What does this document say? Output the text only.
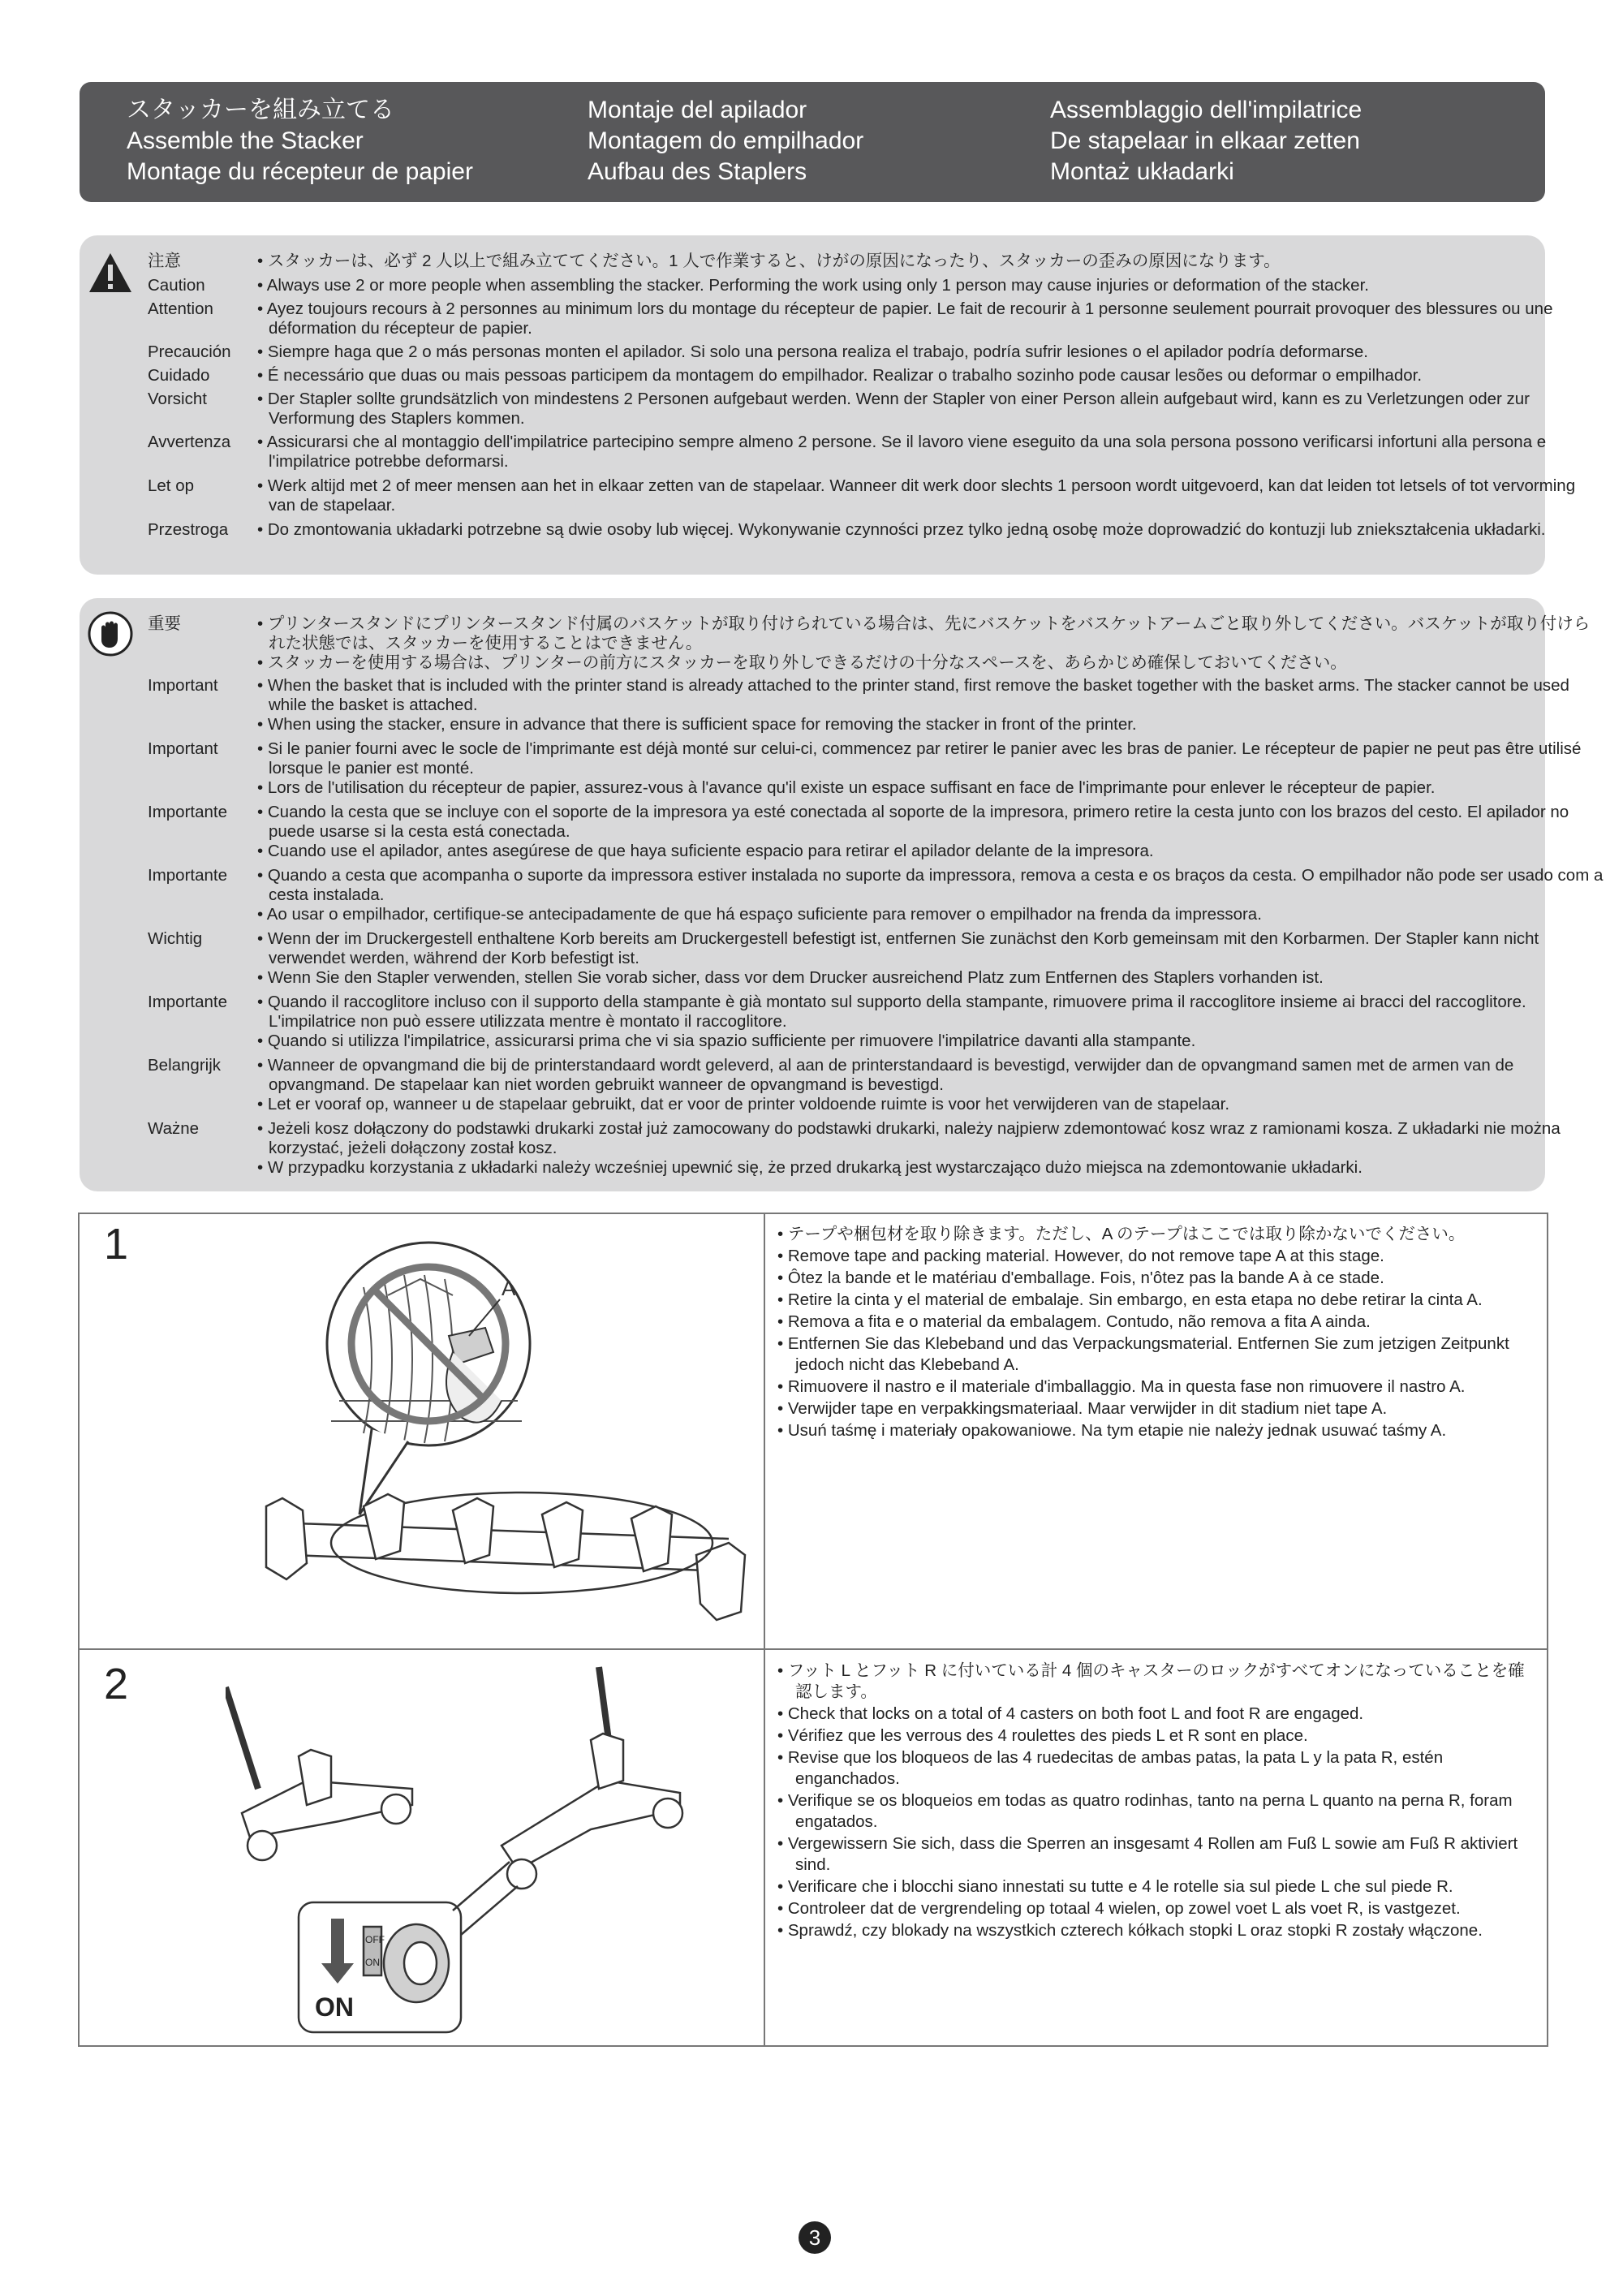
スタッカーを組み立てる
Assemble the Stacker
Montage du récepteur de papier
Montaje del apilador
Montagem do empilhador
Aufbau des Staplers
Assemblaggio dell'impilatrice
De stapelaar in elkaar zetten
Montaż układarki
注意	• スタッカーは、必ず 2 人以上で組み立ててください。1 人で作業すると、けがの原因になったり、スタッカーの歪みの原因になります。

Caution	• Always use 2 or more people when assembling the stacker. Performing the work using only 1 person may cause injuries or deformation of the stacker.

Attention	• Ayez toujours recours à 2 personnes au minimum lors du montage du récepteur de papier. Le fait de recourir à 1 personne seulement pourrait provoquer des blessures ou une déformation du récepteur de papier.

Precaución	• Siempre haga que 2 o más personas monten el apilador. Si solo una persona realiza el trabajo, podría sufrir lesiones o el apilador podría deformarse.

Cuidado	• É necessário que duas ou mais pessoas participem da montagem do empilhador. Realizar o trabalho sozinho pode causar lesões ou deformar o empilhador.

Vorsicht	• Der Stapler sollte grundsätzlich von mindestens 2 Personen aufgebaut werden. Wenn der Stapler von einer Person allein aufgebaut wird, kann es zu Verletzungen oder zur Verformung des Staplers kommen.

Avvertenza	• Assicurarsi che al montaggio dell'impilatrice partecipino sempre almeno 2 persone. Se il lavoro viene eseguito da una sola persona possono verificarsi infortuni alla persona e l'impilatrice potrebbe deformarsi.

Let op	• Werk altijd met 2 of meer mensen aan het in elkaar zetten van de stapelaar. Wanneer dit werk door slechts 1 persoon wordt uitgevoerd, kan dat leiden tot letsels of tot vervorming van de stapelaar.

Przestroga	• Do zmontowania układarki potrzebne są dwie osoby lub więcej. Wykonywanie czynności przez tylko jedną osobę może doprowadzić do kontuzji lub zniekształcenia układarki.

重要	• プリンタースタンドにプリンタースタンド付属のバスケットが取り付けられている場合は、先にバスケットをバスケットアームごと取り外してください。バスケットが取り付けられた状態では、スタッカーを使用することはできません。

• スタッカーを使用する場合は、プリンターの前方にスタッカーを取り外しできるだけの十分なスペースを、あらかじめ確保しておいてください。

Important	• When the basket that is included with the printer stand is already attached to the printer stand, first remove the basket together with the basket arms. The stacker cannot be used while the basket is attached.

• When using the stacker, ensure in advance that there is sufficient space for removing the stacker in front of the printer.

Important	• Si le panier fourni avec le socle de l'imprimante est déjà monté sur celui-ci, commencez par retirer le panier avec les bras de panier. Le récepteur de papier ne peut pas être utilisé lorsque le panier est monté.

• Lors de l'utilisation du récepteur de papier, assurez-vous à l'avance qu'il existe un espace suffisant en face de l'imprimante pour enlever le récepteur de papier.

Importante	• Cuando la cesta que se incluye con el soporte de la impresora ya esté conectada al soporte de la impresora, primero retire la cesta junto con los brazos del cesto. El apilador no puede usarse si la cesta está conectada.

• Cuando use el apilador, antes asegúrese de que haya suficiente espacio para retirar el apilador delante de la impresora.

Importante	• Quando a cesta que acompanha o suporte da impressora estiver instalada no suporte da impressora, remova a cesta e os braços da cesta. O empilhador não pode ser usado com a cesta instalada.

• Ao usar o empilhador, certifique-se antecipadamente de que há espaço suficiente para remover o empilhador na frenda da impressora.

Wichtig	• Wenn der im Druckergestell enthaltene Korb bereits am Druckergestell befestigt ist, entfernen Sie zunächst den Korb gemeinsam mit den Korbarmen. Der Stapler kann nicht verwendet werden, während der Korb befestigt ist.

• Wenn Sie den Stapler verwenden, stellen Sie vorab sicher, dass vor dem Drucker ausreichend Platz zum Entfernen des Staplers vorhanden ist.

Importante	• Quando il raccoglitore incluso con il supporto della stampante è già montato sul supporto della stampante, rimuovere prima il raccoglitore insieme ai bracci del raccoglitore. L'impilatrice non può essere utilizzata mentre è montato il raccoglitore.

• Quando si utilizza l'impilatrice, assicurarsi prima che vi sia spazio sufficiente per rimuovere l'impilatrice davanti alla stampante.

Belangrijk	• Wanneer de opvangmand die bij de printerstandaard wordt geleverd, al aan de printerstandaard is bevestigd, verwijder dan de opvangmand samen met de armen van de opvangmand. De stapelaar kan niet worden gebruikt wanneer de opvangmand is bevestigd.

• Let er vooraf op, wanneer u de stapelaar gebruikt, dat er voor de printer voldoende ruimte is voor het verwijderen van de stapelaar.

Ważne	• Jeżeli kosz dołączony do podstawki drukarki został już zamocowany do podstawki drukarki, należy najpierw zdemontować kosz wraz z ramionami kosza. Z układarki nie można korzystać, jeżeli dołączony został kosz.

• W przypadku korzystania z układarki należy wcześniej upewnić się, że przed drukarką jest wystarczająco dużo miejsca na zdemontowanie układarki.

1
A

• テープや梱包材を取り除きます。ただし、A のテープはここでは取り除かないでください。

• Remove tape and packing material. However, do not remove tape A at this stage.

• Ôtez la bande et le matériau d'emballage. Fois, n'ôtez pas la bande A à ce stade.

• Retire la cinta y el material de embalaje. Sin embargo, en esta etapa no debe retirar la cinta A.

• Remova a fita e o material da embalagem. Contudo, não remova a fita A ainda.

• Entfernen Sie das Klebeband und das Verpackungsmaterial. Entfernen Sie zum jetzigen Zeitpunkt jedoch nicht das Klebeband A.

• Rimuovere il nastro e il materiale d'imballaggio. Ma in questa fase non rimuovere il nastro A.

• Verwijder tape en verpakkingsmateriaal. Maar verwijder in dit stadium niet tape A.

• Usuń taśmę i materiały opakowaniowe. Na tym etapie nie należy jednak usuwać taśmy A.

2
OFF
ON
ON

• フット L とフット R に付いている計 4 個のキャスターのロックがすべてオンになっていることを確認します。

• Check that locks on a total of 4 casters on both foot L and foot R are engaged.

• Vérifiez que les verrous des 4 roulettes des pieds L et R sont en place.

• Revise que los bloqueos de las 4 ruedecitas de ambas patas, la pata L y la pata R, estén enganchados.

• Verifique se os bloqueios em todas as quatro rodinhas, tanto na perna L quanto na perna R, foram engatados.

• Vergewissern Sie sich, dass die Sperren an insgesamt 4 Rollen am Fuß L sowie am Fuß R aktiviert sind.

• Verificare che i blocchi siano innestati su tutte e 4 le rotelle sia sul piede L che sul piede R.

• Controleer dat de vergrendeling op totaal 4 wielen, op zowel voet L als voet R, is vastgezet.

• Sprawdź, czy blokady na wszystkich czterech kółkach stopki L oraz stopki R zostały włączone.

3
